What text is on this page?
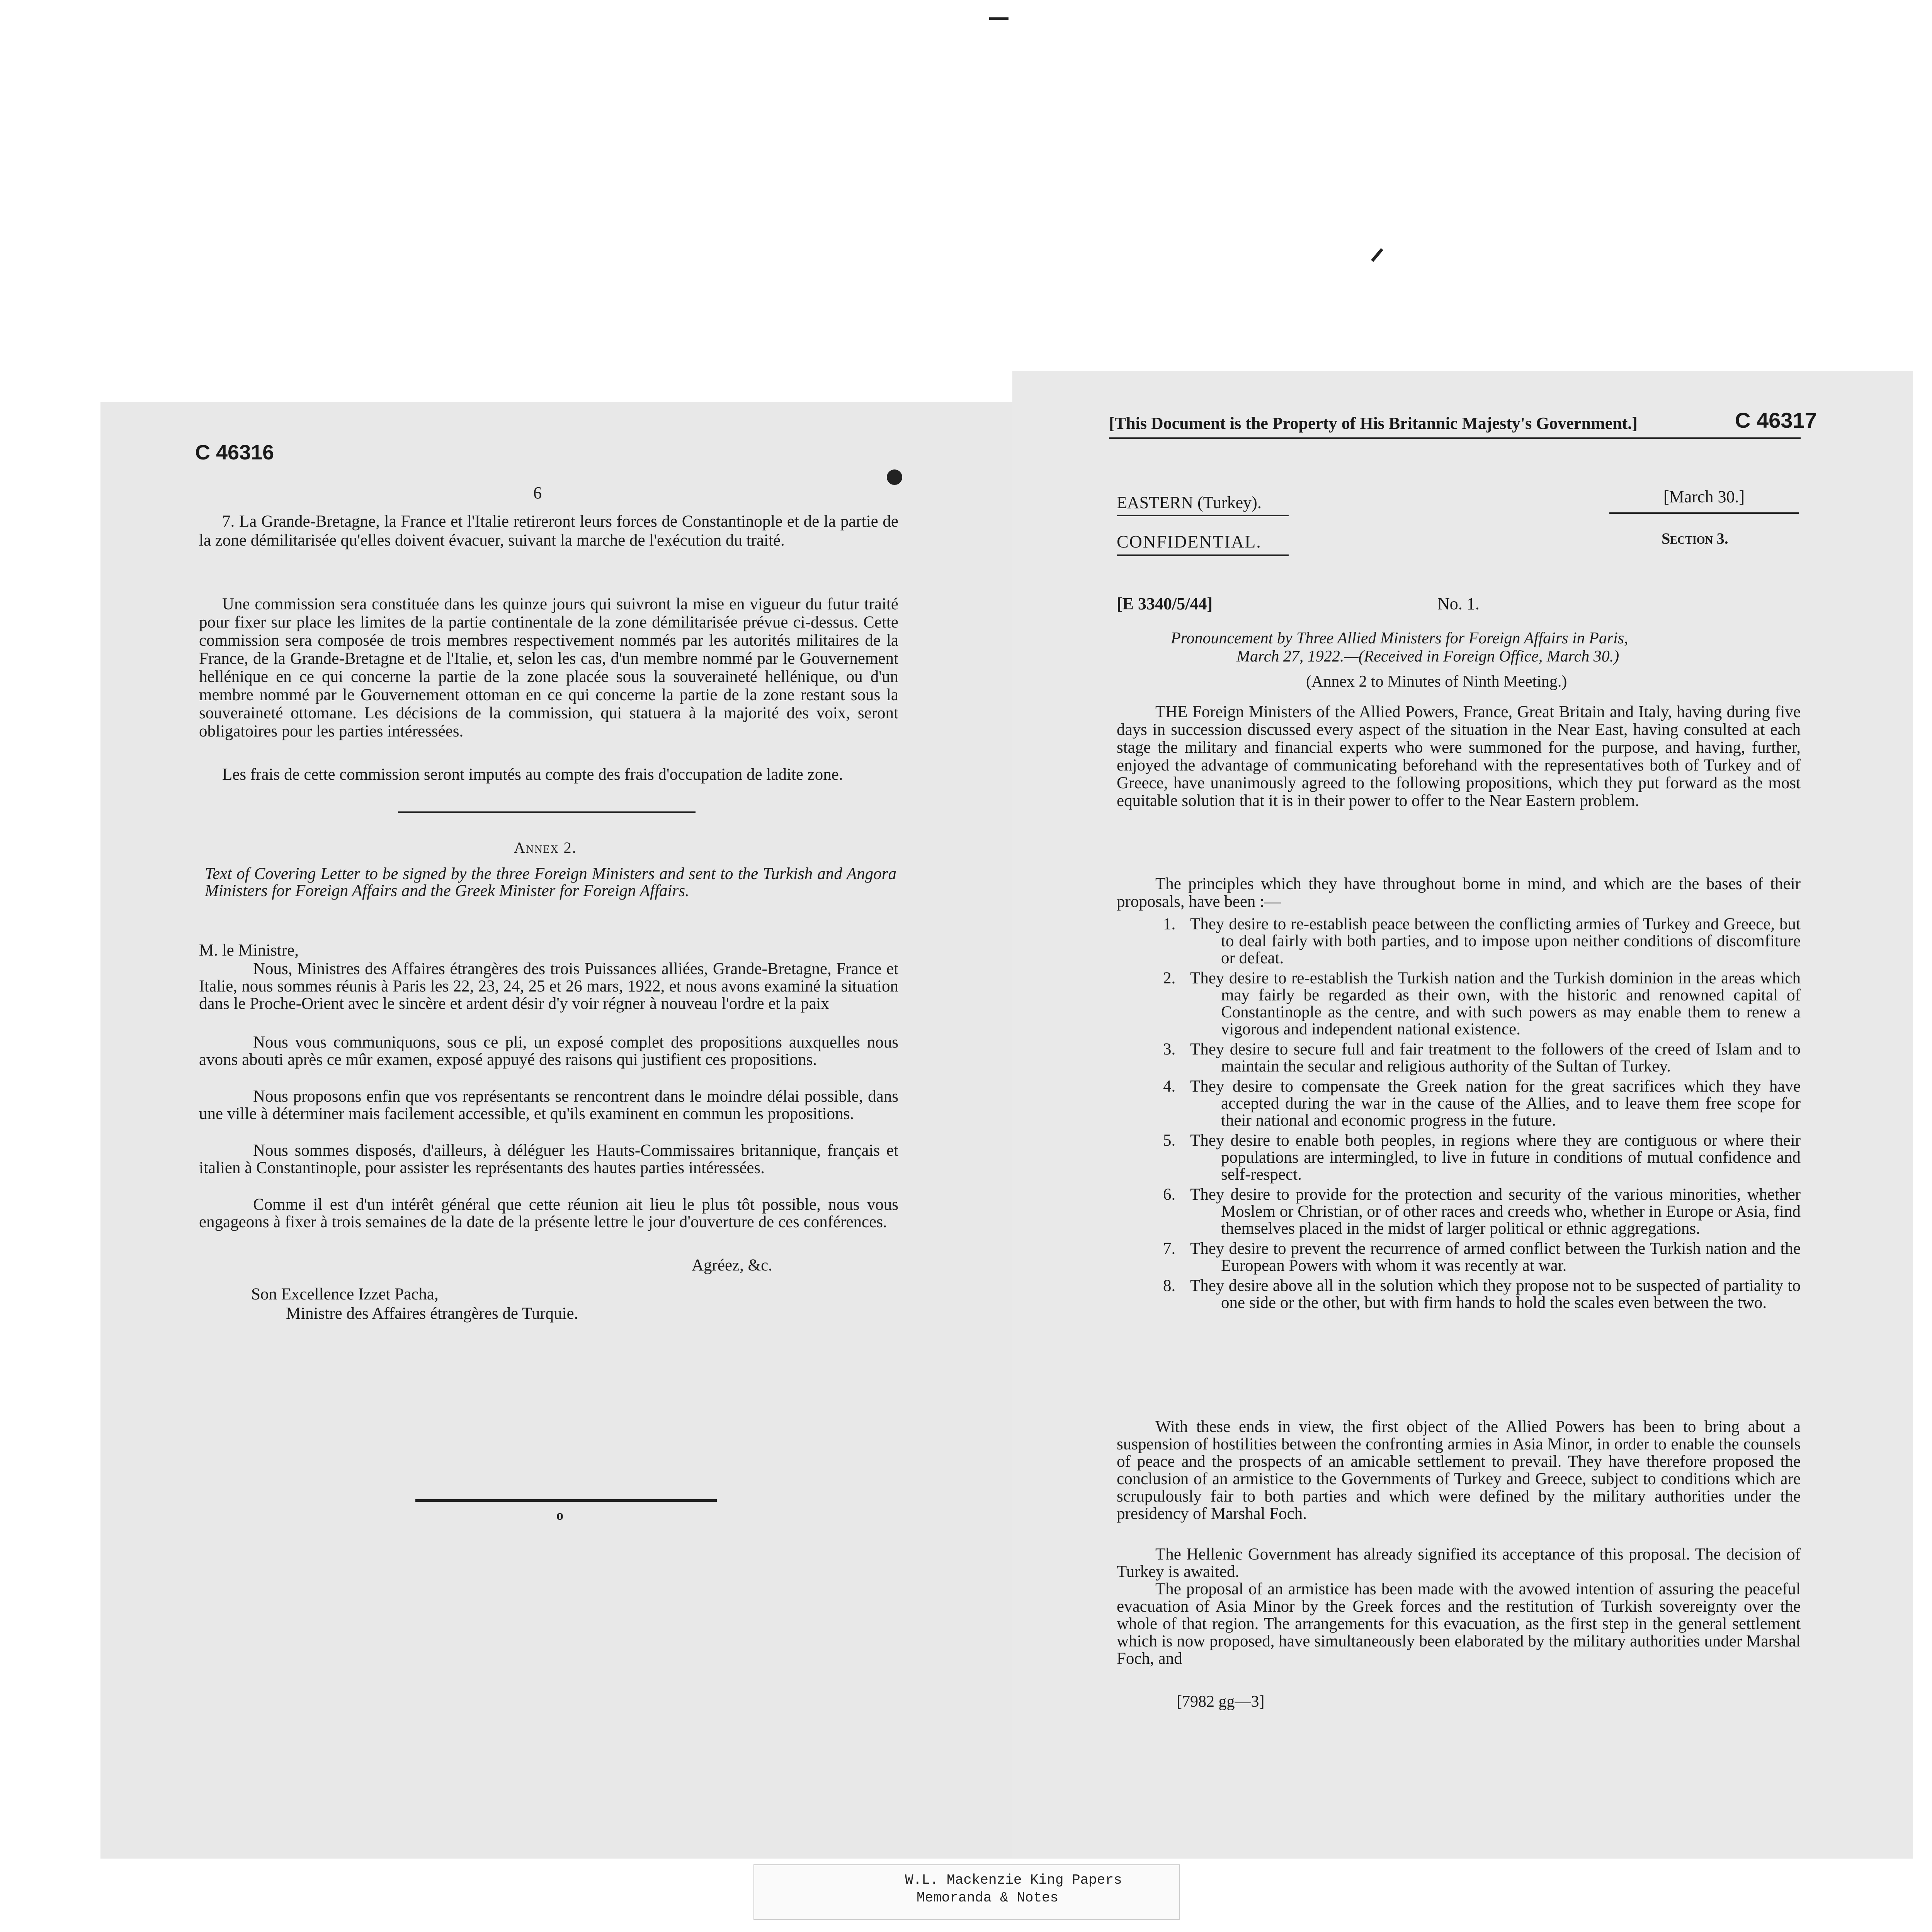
C 46316
6
7. La Grande-Bretagne, la France et l'Italie retireront leurs forces de Constantinople et de la partie de la zone démilitarisée qu'elles doivent évacuer, suivant la marche de l'exécution du traité.
Une commission sera constituée dans les quinze jours qui suivront la mise en vigueur du futur traité pour fixer sur place les limites de la partie continentale de la zone démilitarisée prévue ci-dessus. Cette commission sera composée de trois membres respectivement nommés par les autorités militaires de la France, de la Grande-Bretagne et de l'Italie, et, selon les cas, d'un membre nommé par le Gouvernement hellénique en ce qui concerne la partie de la zone placée sous la souveraineté hellénique, ou d'un membre nommé par le Gouvernement ottoman en ce qui concerne la partie de la zone restant sous la souveraineté ottomane. Les décisions de la commission, qui statuera à la majorité des voix, seront obligatoires pour les parties intéressées.
Les frais de cette commission seront imputés au compte des frais d'occupation de ladite zone.
Annex 2.
Text of Covering Letter to be signed by the three Foreign Ministers and sent to the Turkish and Angora Ministers for Foreign Affairs and the Greek Minister for Foreign Affairs.
M. le Ministre,
Nous, Ministres des Affaires étrangères des trois Puissances alliées, Grande-Bretagne, France et Italie, nous sommes réunis à Paris les 22, 23, 24, 25 et 26 mars, 1922, et nous avons examiné la situation dans le Proche-Orient avec le sincère et ardent désir d'y voir régner à nouveau l'ordre et la paix
Nous vous communiquons, sous ce pli, un exposé complet des propositions auxquelles nous avons abouti après ce mûr examen, exposé appuyé des raisons qui justifient ces propositions.
Nous proposons enfin que vos représentants se rencontrent dans le moindre délai possible, dans une ville à déterminer mais facilement accessible, et qu'ils examinent en commun les propositions.
Nous sommes disposés, d'ailleurs, à déléguer les Hauts-Commissaires britannique, français et italien à Constantinople, pour assister les représentants des hautes parties intéressées.
Comme il est d'un intérêt général que cette réunion ait lieu le plus tôt possible, nous vous engageons à fixer à trois semaines de la date de la présente lettre le jour d'ouverture de ces conférences.
Agréez, &c.
Son Excellence Izzet Pacha,
Ministre des Affaires étrangères de Turquie.
o
[This Document is the Property of His Britannic Majesty's Government.]	C 46317
EASTERN (Turkey).	[March 30.]
CONFIDENTIAL.	Section 3.
[E 3340/5/44]	No. 1.
Pronouncement by Three Allied Ministers for Foreign Affairs in Paris,
March 27, 1922.—(Received in Foreign Office, March 30.)
(Annex 2 to Minutes of Ninth Meeting.)
THE Foreign Ministers of the Allied Powers, France, Great Britain and Italy, having during five days in succession discussed every aspect of the situation in the Near East, having consulted at each stage the military and financial experts who were summoned for the purpose, and having, further, enjoyed the advantage of communicating beforehand with the representatives both of Turkey and of Greece, have unanimously agreed to the following propositions, which they put forward as the most equitable solution that it is in their power to offer to the Near Eastern problem.
The principles which they have throughout borne in mind, and which are the bases of their proposals, have been :—
1. They desire to re-establish peace between the conflicting armies of Turkey and Greece, but to deal fairly with both parties, and to impose upon neither conditions of discomfiture or defeat.
2. They desire to re-establish the Turkish nation and the Turkish dominion in the areas which may fairly be regarded as their own, with the historic and renowned capital of Constantinople as the centre, and with such powers as may enable them to renew a vigorous and independent national existence.
3. They desire to secure full and fair treatment to the followers of the creed of Islam and to maintain the secular and religious authority of the Sultan of Turkey.
4. They desire to compensate the Greek nation for the great sacrifices which they have accepted during the war in the cause of the Allies, and to leave them free scope for their national and economic progress in the future.
5. They desire to enable both peoples, in regions where they are contiguous or where their populations are intermingled, to live in future in conditions of mutual confidence and self-respect.
6. They desire to provide for the protection and security of the various minorities, whether Moslem or Christian, or of other races and creeds who, whether in Europe or Asia, find themselves placed in the midst of larger political or ethnic aggregations.
7. They desire to prevent the recurrence of armed conflict between the Turkish nation and the European Powers with whom it was recently at war.
8. They desire above all in the solution which they propose not to be suspected of partiality to one side or the other, but with firm hands to hold the scales even between the two.
With these ends in view, the first object of the Allied Powers has been to bring about a suspension of hostilities between the confronting armies in Asia Minor, in order to enable the counsels of peace and the prospects of an amicable settlement to prevail. They have therefore proposed the conclusion of an armistice to the Governments of Turkey and Greece, subject to conditions which are scrupulously fair to both parties and which were defined by the military authorities under the presidency of Marshal Foch.
The Hellenic Government has already signified its acceptance of this proposal. The decision of Turkey is awaited.
The proposal of an armistice has been made with the avowed intention of assuring the peaceful evacuation of Asia Minor by the Greek forces and the restitution of Turkish sovereignty over the whole of that region. The arrangements for this evacuation, as the first step in the general settlement which is now proposed, have simultaneously been elaborated by the military authorities under Marshal Foch, and
[7982 gg—3]
W.L. Mackenzie King Papers
Memoranda & Notes
